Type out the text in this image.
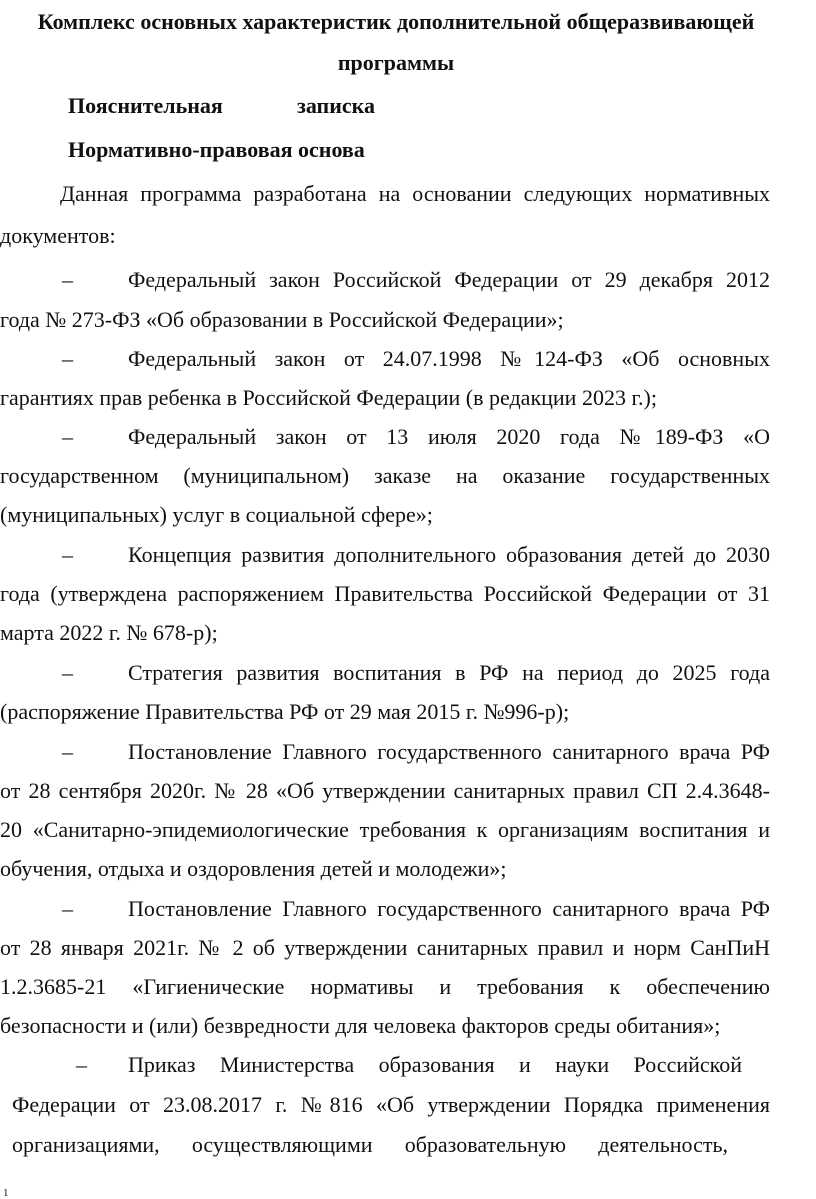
Комплекс основных характеристик дополнительной общеразвивающей
программы
Пояснительная	записка
Нормативно-правовая основа
Данная программа разработана на основании следующих нормативных
документов:
–	Федеральный закон Российской Федерации от 29 декабря 2012
года № 273-ФЗ «Об образовании в Российской Федерации»;
–	Федеральный закон от 24.07.1998 №124-ФЗ «Об основных
гарантиях прав ребенка в Российской Федерации (в редакции 2023 г.);
–	Федеральный закон от 13 июля 2020 года №189-ФЗ «О
государственном (муниципальном) заказе на оказание государственных
(муниципальных) услуг в социальной сфере»;
–	Концепция развития дополнительного образования детей до 2030
года (утверждена распоряжением Правительства Российской Федерации от 31
марта 2022 г. № 678-р);
–	Стратегия развития воспитания в РФ на период до 2025 года
(распоряжение Правительства РФ от 29 мая 2015 г. №996-р);
–	Постановление Главного государственного санитарного врача РФ
от 28 сентября 2020г. № 28 «Об утверждении санитарных правил СП 2.4.3648-
20 «Санитарно-эпидемиологические требования к организациям воспитания и
обучения, отдыха и оздоровления детей и молодежи»;
–	Постановление Главного государственного санитарного врача РФ
от 28 января 2021г. № 2 об утверждении санитарных правил и норм СанПиН
1.2.3685-21 «Гигиенические нормативы и требования к обеспечению
безопасности и (или) безвредности для человека факторов среды обитания»;
– Приказ Министерства образования и науки Российской
Федерации от 23.08.2017 г. №816 «Об утверждении Порядка применения
организациями, осуществляющими образовательную деятельность,
1
